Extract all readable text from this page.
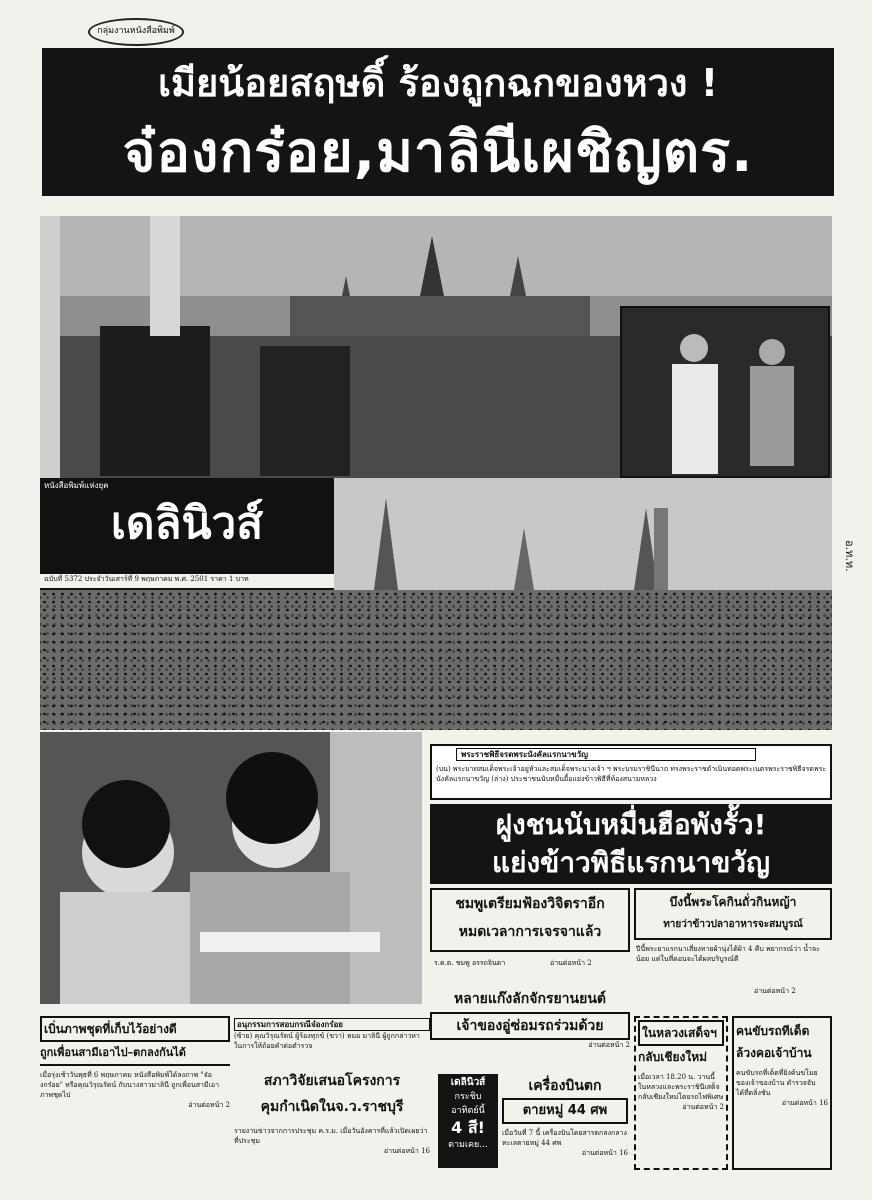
กลุ่มงานหนังสือพิมพ์
เมียน้อยสฤษดิ์ ร้องถูกฉกของหวง !
จ๋องกร๋อย,มาลินีเผชิญตร.
หนังสือพิมพ์แห่งยุค
เดลินิวส์
ฉบับที่ 5372 ประจำวันเสาร์ที่ 9 พฤษภาคม พ.ศ. 2501 ราคา 1 บาท
อ.ท.ท.
พระราชพิธีจรดพระนังคัลแรกนาขวัญ
(บน) พระบาทสมเด็จพระเจ้าอยู่หัวและสมเด็จพระนางเจ้า ฯ พระบรมราชินีนาถ ทรงพระราชดำเนินทอดพระเนตรพระราชพิธีจรดพระนังคัลแรกนาขวัญ (ล่าง) ประชาชนนับหมื่นยื้อแย่งข้าวพิธีที่ท้องสนามหลวง
ฝูงชนนับหมื่นฮือพังรั้ว!
แย่งข้าวพิธีแรกนาขวัญ
ชมพูเตรียมฟ้องวิจิตราอีก
หมดเวลาการเจรจาแล้ว
ร.ต.ต. ชมพู อรรถจินดา	อ่านต่อหน้า 2
บึงนี้พระโคกินถั่วกินหญ้า
ทายว่าข้าวปลาอาหารจะสมบูรณ์
ปีนี้พระยาแรกนาเสี่ยงทายผ้านุ่งได้ผ้า 4 คืบ พยากรณ์ว่า น้ำจะน้อย แต่ในที่ดอนจะได้ผลบริบูรณ์ดี
อ่านต่อหน้า 2
หลายแก๊งลักจักรยานยนต์
เจ้าของอู่ซ่อมรถร่วมด้วย
อ่านต่อหน้า 2
เบิ่นภาพชุดที่เก็บไว้อย่างดี
ถูกเพื่อนสามีเอาไป–ตกลงกันได้
เมื่อรุ่งเช้าวันพุธที่ 6 พฤษภาคม หนังสือพิมพ์ได้ลงภาพ "จ๋องกร๋อย" หรือคุณวิรุณรัตน์ กับนางสาวมาลินี ถูกเพื่อนสามีเอาภาพชุดไป
อ่านต่อหน้า 2
อนุกรรมการสอบกรณีจ๋องกร๋อย
(ซ้าย) คุณวิรุณรัตน์ ผู้ร้องทุกข์ (ขวา) หมอ มาลินี ผู้ถูกกล่าวหา ในการให้ถ้อยคำต่อตำรวจ
สภาวิจัยเสนอโครงการ
คุมกำเนิดในจ.ว.ราชบุรี
รายงานข่าวจากการประชุม ค.ร.ม. เมื่อวันอังคารที่แล้วเปิดเผยว่า ที่ประชุม
อ่านต่อหน้า 16
เดลินิวส์
กระชิบ
อาทิตย์นี้
4 สี!
ตามเคย...
เครื่องบินตก
ตายหมู่ 44 ศพ
เมื่อวันที่ 7 นี้ เครื่องบินโดยสารตกลงกลางทะเลตายหมู่ 44 ศพ
อ่านต่อหน้า 16
ในหลวงเสด็จฯ
กลับเชียงใหม่
เมื่อเวลา 18.20 น. วานนี้ ในหลวงและพระราชินีเสด็จกลับเชียงใหม่โดยรถไฟพิเศษ
อ่านต่อหน้า 2
คนขับรถทีเด็ด
ล้วงคอเจ้าบ้าน
คนขับรถที่เด็ดที่ยิงค้นขโมยของเจ้าของบ้าน ตำรวจจับได้ที่ตลิ่งชัน
อ่านต่อหน้า 16
